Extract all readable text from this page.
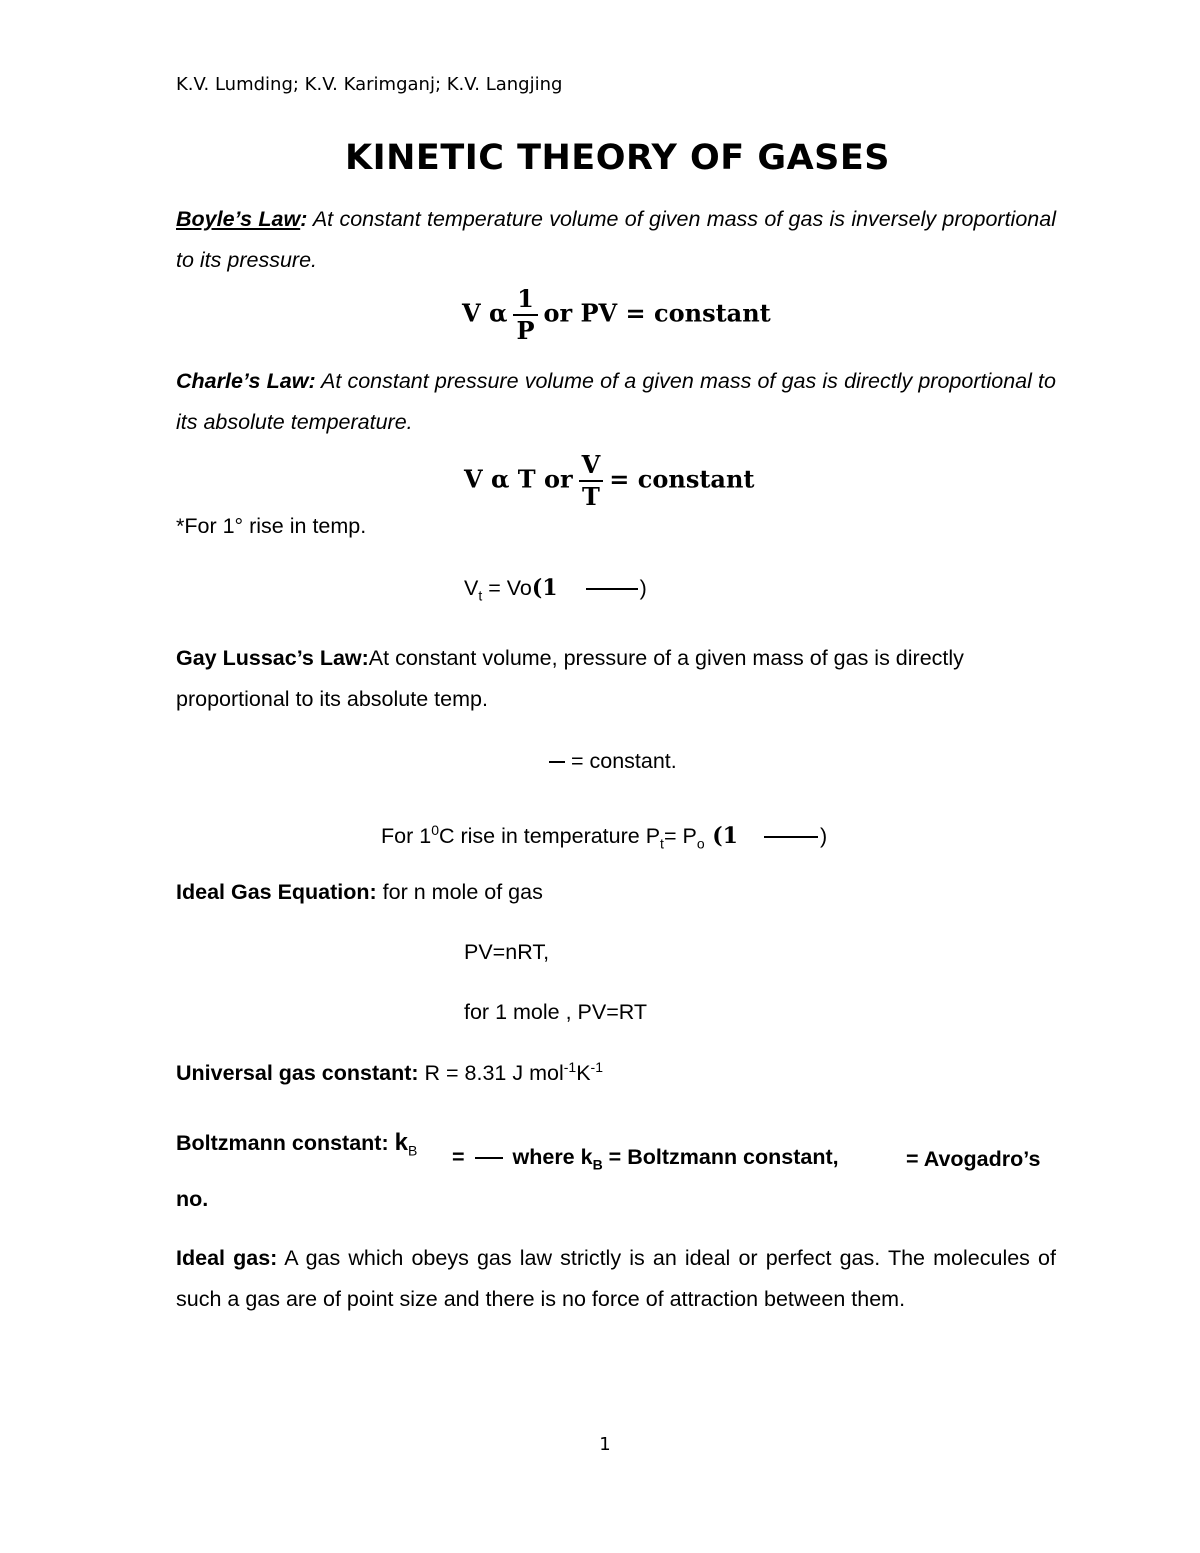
K.V. Lumding; K.V. Karimganj; K.V. Langjing
KINETIC THEORY OF GASES
Boyle’s Law: At constant temperature volume of given mass of gas is inversely proportional to its pressure.
V α $\frac{1}{P}$ or PV = constant
Charle’s Law: At constant pressure volume of a given mass of gas is directly proportional to its absolute temperature.
V α T or $\frac{V}{T}$ = constant
*For 1° rise in temp.
$V_t = Vo(1$	)
Gay Lussac’s Law:At constant volume, pressure of a given mass of gas is directly proportional to its absolute temp.
= constant.
For $1^0C$ rise in temperature $P_t= P_o$ (1	)
Ideal Gas Equation: for n mole of gas
PV=nRT,
for 1 mole , PV=RT
Universal gas constant: R = 8.31 J $mol^{-1}K^{-1}$
Boltzmann constant: $k_B$ =  where $k_B$ = Boltzmann constant,	= Avogadro’s
no.
Ideal gas: A gas which obeys gas law strictly is an ideal or perfect gas. The molecules of such a gas are of point size and there is no force of attraction between them.
1
